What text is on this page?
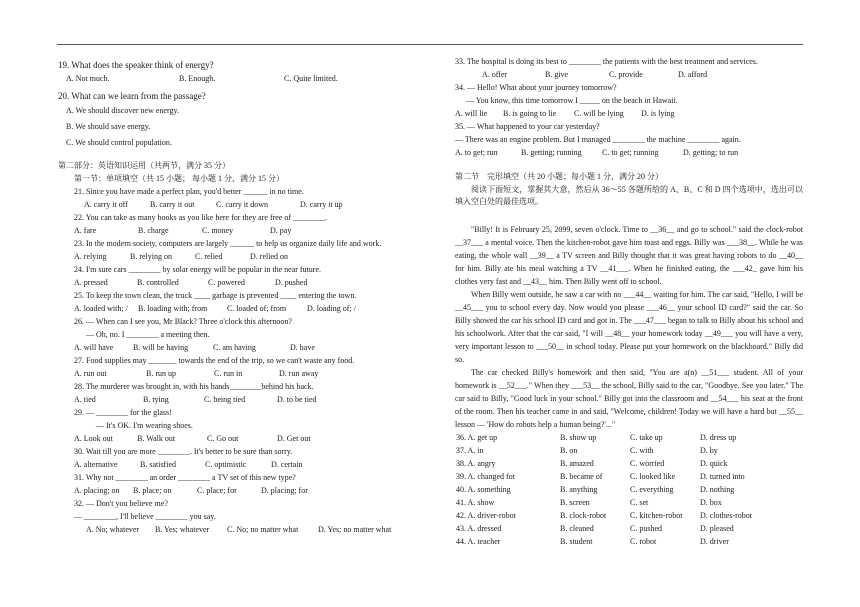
19. What does the speaker think of energy?
A. Not much.	B. Enough.	C. Quite limited.
20. What can we learn from the passage?
A. We should discover new energy.
B. We should save energy.
C. We should control population.
第二部分：英语知识运用（共两节，满分 35 分）
第一节：单项填空（共 15 小题； 每小题 1 分，满分 15 分）
21. Since you have made a perfect plan, you'd better ______ in no time.
A. carry it off	B. carry it out	C. carry it down	D. carry it up
22. You can take as many books as you like here for they are free of ________.
A. fare	B. charge	C. money	D. pay
23. In the modern society, computers are largely ______ to help us organize daily life and work.
A. relying	B. relying on	C. relied	D. relied on
24. I'm sure cars ________ by solar energy will be popular in the near future.
A. pressed	B. controlled	C. powered	D. pushed
25. To keep the town clean, the truck ____ garbage is prevented ____ entering the town.
A. loaded with; / B. loading with; from C. loaded of; from	D. loading of; /
26. — When can I see you, Mr Black? Three o'clock this afternoon?
— Oh, no. I ________ a meeting then.
A. will have B. will be having	C. am having	D. have
27. Food supplies may _______ towards the end of the trip, so we can't waste any food.
A. run out	B. run up	C. run in	D. run away
28. The murderer was brought in, with his hands________behind his back.
A. tied	B. tying	C. being tied	D. to be tied
29. — ________ for the glass!
— It's OK. I'm wearing shoes.
A. Look out	B. Walk out	C. Go out	D. Get out
30. Wait till you are more ________. It's better to be sure than sorry.
A. alternative	B. satisfied	C. optimistic	D. certain
31. Why not ________ an order ________ a TV set of this new type?
A. placing; on B. place; on	C. place; for	D. placing; for
32. — Don't you believe me?
— ________, I'll believe ________ you say.
A. No; whatever B. Yes; whatever C. No; no matter what D. Yes; no matter what
33. The hospital is doing its best to ________ the patients with the best treatment and services.
A. offer	B. give	C. provide	D. afford
34. — Hello! What about your journey tomorrow?
— You know, this time tomorrow I _____ on the beach in Hawaii.
A. will lie B. is going to lie C. will be lying D. is lying
35. — What happened to your car yesterday?
— There was an engine problem. But I managed ________ the machine ________ again.
A. to get; run	B. getting; running	C. to get; running	D. getting; to run
第二节　完形填空（共 20 小题；每小题 1 分，满分 20 分）
阅读下面短文，掌握其大意，然后从 36～55 各题所给的 A、B、C 和 D 四个选项中，选出可以填入空白处的最佳选项。
"Billy! It is February 25, 2099, seven o'clock. Time to __36__ and go to school." said the clock-robot __37___ a mental voice. Then the kitchen-robot gave him toast and eggs. Billy was ___38__. While he was eating, the whole wall __39__ a TV screen and Billy thought that it was great having robots to do __40__ for him. Billy ate his meal watching a TV __41___. When he finished eating, the ___42_ gave him his clothes very fast and __43__ him. Then Billy went off to school.
When Billy went outside, he saw a car with no ___44__ waiting for him. The car said, "Hello, I will be __45___ you to school every day. Now would you please ___46__ your school ID card?" said the car. So Billy showed the car his school ID card and got in. The ___47___ began to talk to Billy about his school and his schoolwork. After that the car said, "I will __48__ your homework today __49___ you will have a very, very important lesson to ___50__ in school today. Please put your homework on the blackboard." Billy did so.
The car checked Billy's homework and then said, "You are a(n) __51___ student. All of your homework is __52___." When they ___53__ the school, Billy said to the car, "Goodbye. See you later." The car said to Billy, "Good luck in your school." Billy got into the classroom and __54___ his seat at the front of the room. Then his teacher came in and said, "Welcome, children! Today we will have a hard but __55__ lesson — 'How do robots help a human being?'..."
36. A. get up	B. show up	C. take up	D. dress up
37. A. in	B. on	C. with	D. by
38. A. angry	B. amazed	C. worried	D. quick
39. A. changed for	B. became of	C. looked like	D. turned into
40. A. something	B. anything	C. everything	D. nothing
41. A. show	B. screen	C. set	D. box
42. A. driver-robot	B. clock-robot	C. kitchen-robot D. clothes-robot
43. A. dressed	B. cleaned	C. pushed	D. pleased
44. A. teacher	B. student	C. robot	D. driver
